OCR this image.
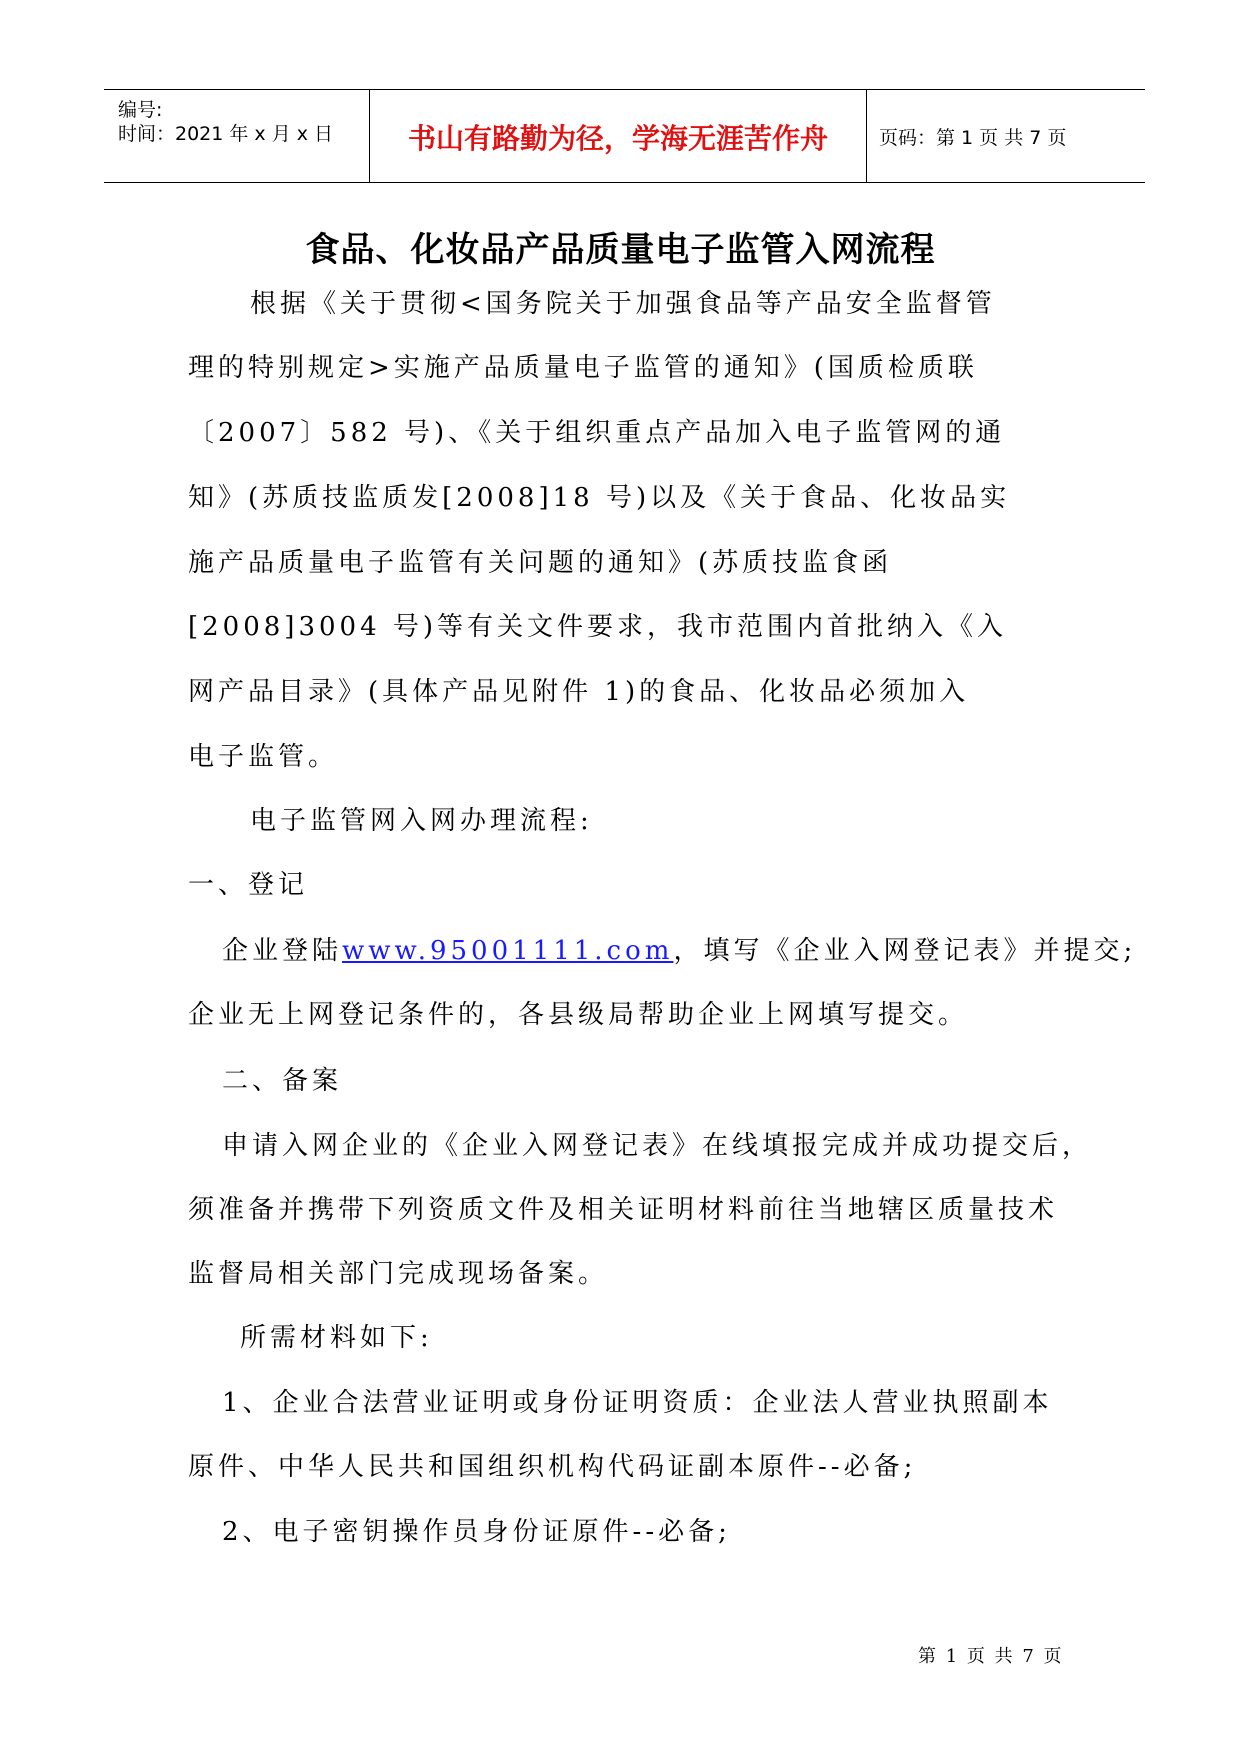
编号:
时间：2021 年 x 月 x 日	书山有路勤为径，学海无涯苦作舟	页码：第 1 页 共 7 页
食品、化妆品产品质量电子监管入网流程
根据《关于贯彻<国务院关于加强食品等产品安全监督管
理的特别规定>实施产品质量电子监管的通知》(国质检质联
〔2007〕582 号)、《关于组织重点产品加入电子监管网的通
知》(苏质技监质发[2008]18 号)以及《关于食品、化妆品实
施产品质量电子监管有关问题的通知》(苏质技监食函
[2008]3004 号)等有关文件要求，我市范围内首批纳入《入
网产品目录》(具体产品见附件 1)的食品、化妆品必须加入
电子监管。
电子监管网入网办理流程:
一、登记
企业登陆www.95001111.com，填写《企业入网登记表》并提交;
企业无上网登记条件的，各县级局帮助企业上网填写提交。
二、备案
申请入网企业的《企业入网登记表》在线填报完成并成功提交后，
须准备并携带下列资质文件及相关证明材料前往当地辖区质量技术
监督局相关部门完成现场备案。
所需材料如下:
1、企业合法营业证明或身份证明资质：企业法人营业执照副本
原件、中华人民共和国组织机构代码证副本原件--必备;
2、电子密钥操作员身份证原件--必备;
第 1 页 共 7 页
